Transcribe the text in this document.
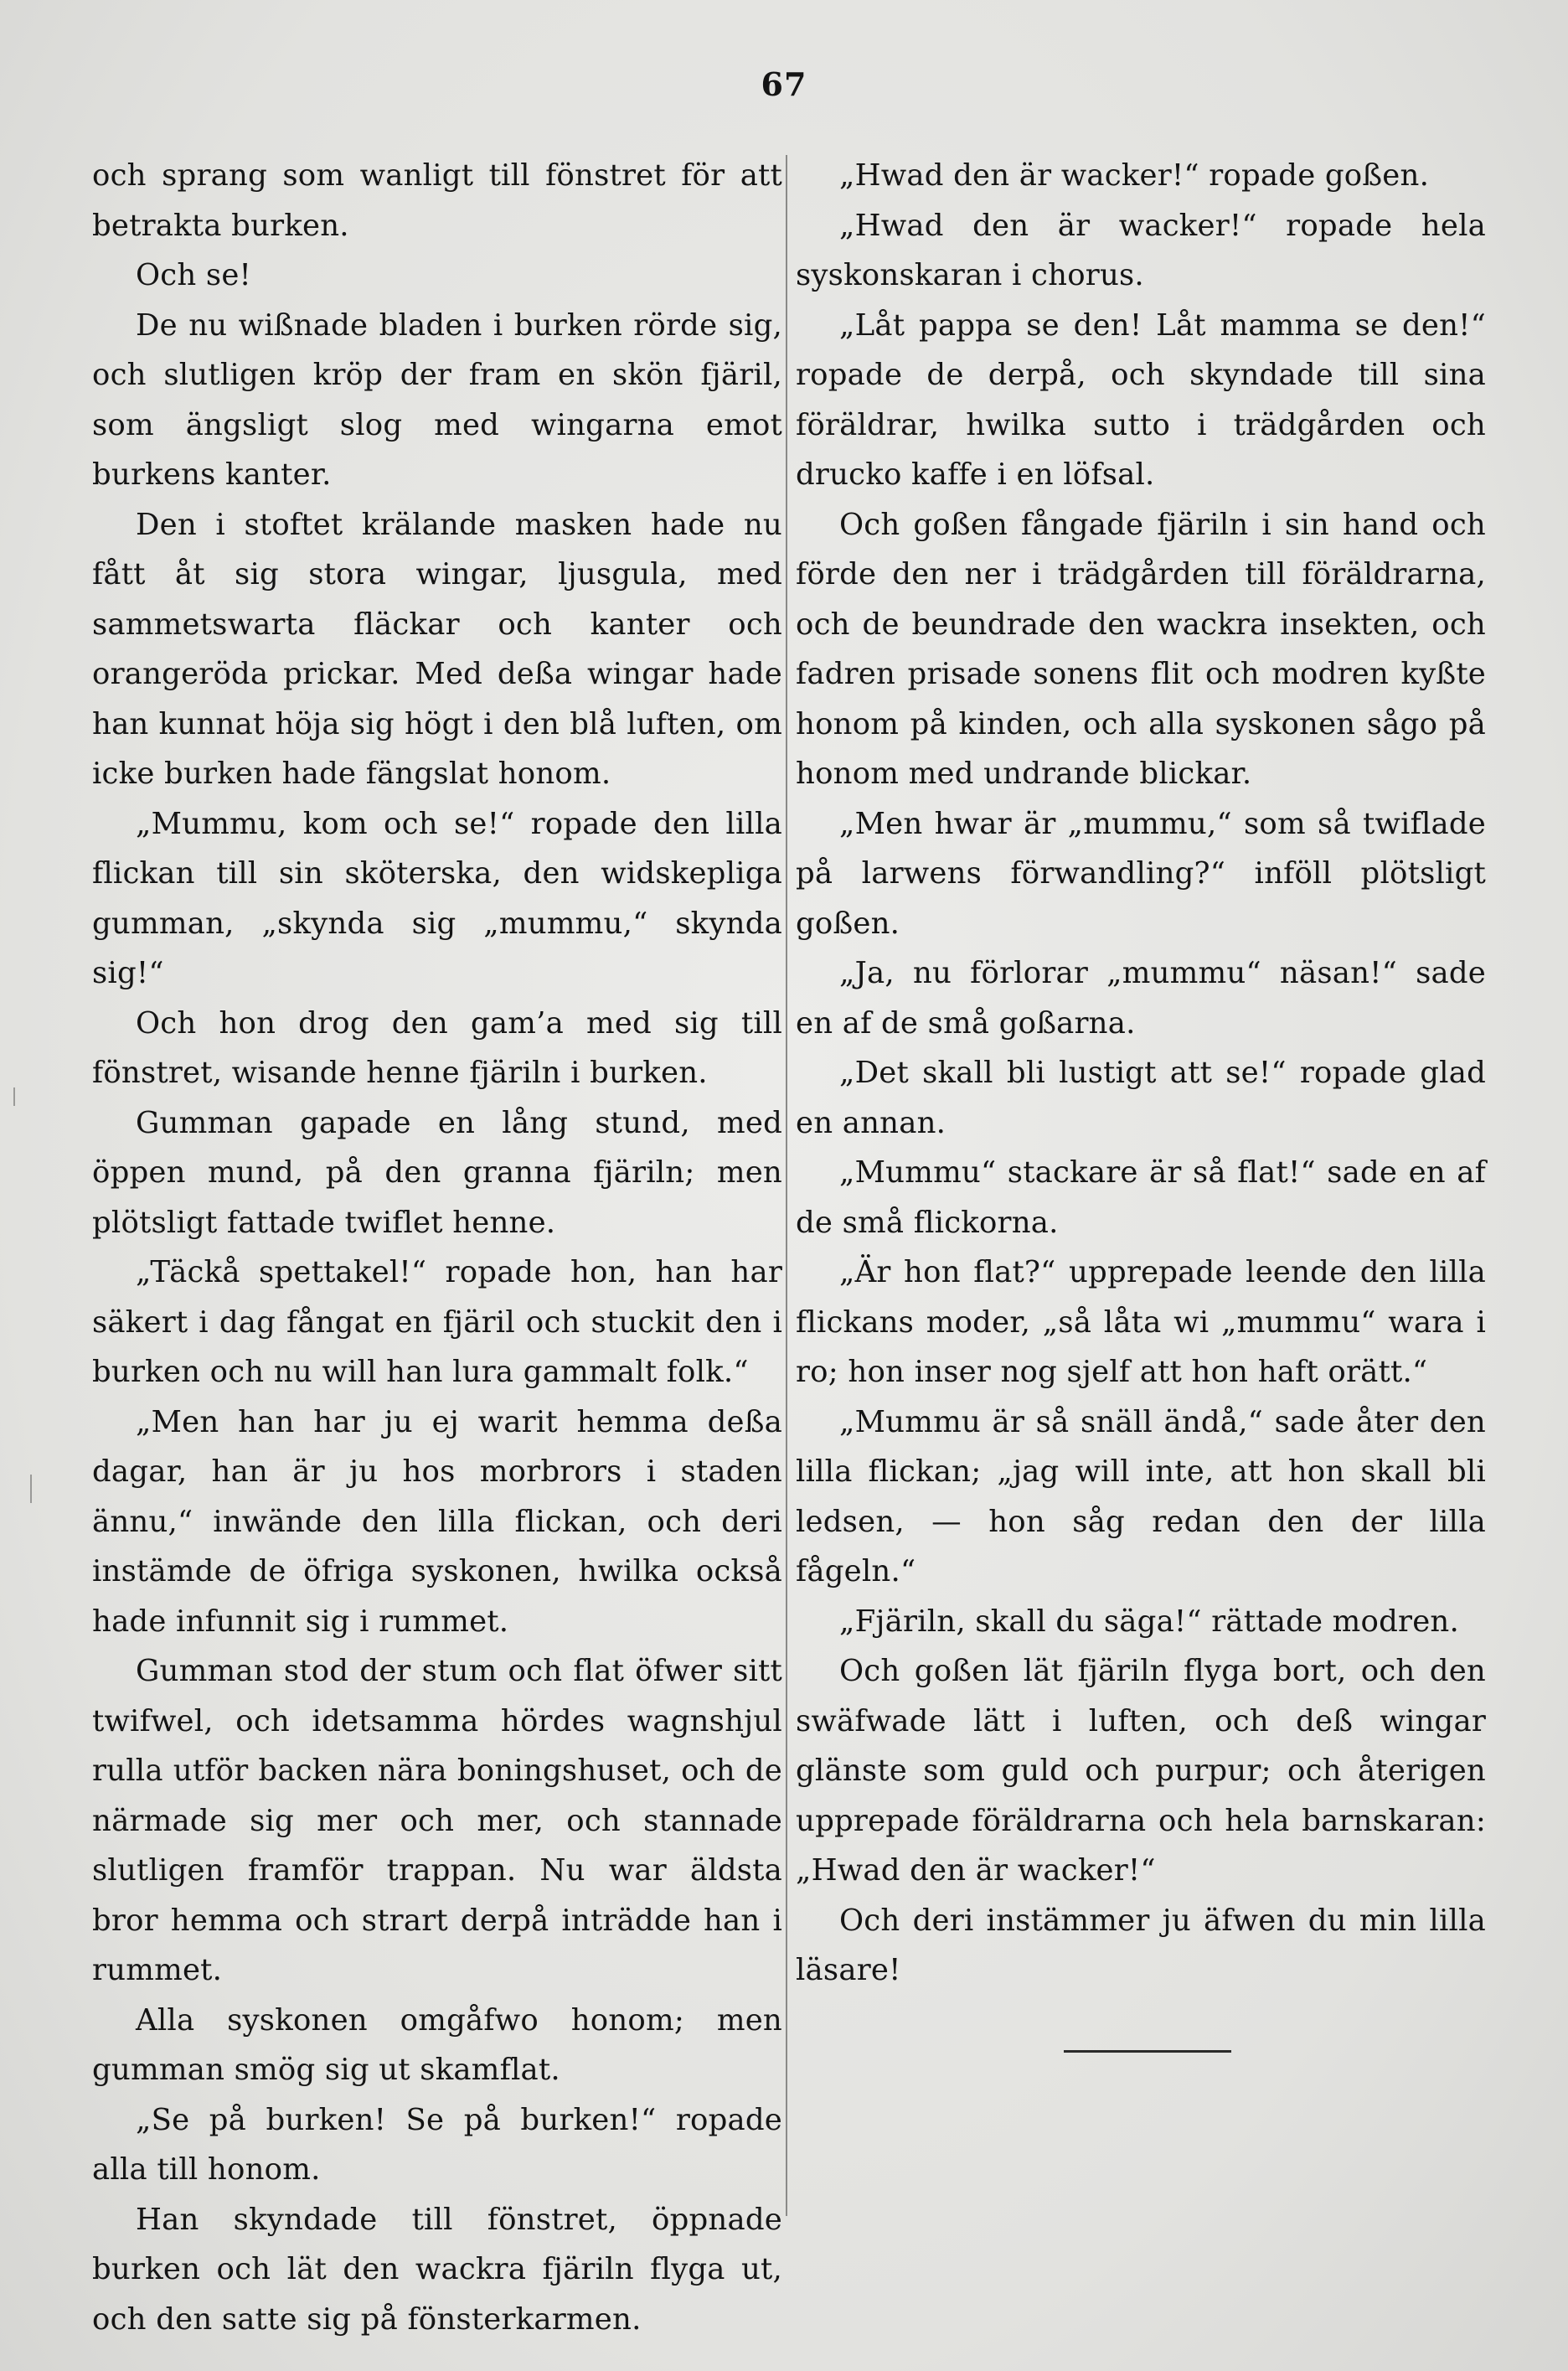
67

och sprang som wanligt till fönstret för att betrakta burken.

Och se!

De nu wißnade bladen i burken rörde sig, och slutligen kröp der fram en skön fjäril, som ängsligt slog med wingarna emot burkens kanter.

Den i stoftet krälande masken hade nu fått åt sig stora wingar, ljusgula, med sammetswarta fläckar och kanter och orangeröda prickar. Med deßa wingar hade han kunnat höja sig högt i den blå luften, om icke burken hade fängslat honom.

„Mummu, kom och se!“ ropade den lilla flickan till sin sköterska, den widskepliga gumman, „skynda sig „mummu,“ skynda sig!“

Och hon drog den gam’a med sig till fönstret, wisande henne fjäriln i burken.

Gumman gapade en lång stund, med öppen mund, på den granna fjäriln; men plötsligt fattade twiflet henne.

„Täckå spettakel!“ ropade hon, han har säkert i dag fångat en fjäril och stuckit den i burken och nu will han lura gammalt folk.“

„Men han har ju ej warit hemma deßa dagar, han är ju hos morbrors i staden ännu,“ inwände den lilla flickan, och deri instämde de öfriga syskonen, hwilka också hade infunnit sig i rummet.

Gumman stod der stum och flat öfwer sitt twifwel, och idetsamma hördes wagnshjul rulla utför backen nära boningshuset, och de närmade sig mer och mer, och stannade slutligen framför trappan. Nu war äldsta bror hemma och strart derpå inträdde han i rummet.

Alla syskonen omgåfwo honom; men gumman smög sig ut skamflat.

„Se på burken! Se på burken!“ ropade alla till honom.

Han skyndade till fönstret, öppnade burken och lät den wackra fjäriln flyga ut, och den satte sig på fönsterkarmen.

„Hwad den är wacker!“ ropade goßen.

„Hwad den är wacker!“ ropade hela syskonskaran i chorus.

„Låt pappa se den! Låt mamma se den!“ ropade de derpå, och skyndade till sina föräldrar, hwilka sutto i trädgården och drucko kaffe i en löfsal.

Och goßen fångade fjäriln i sin hand och förde den ner i trädgården till föräldrarna, och de beundrade den wackra insekten, och fadren prisade sonens flit och modren kyßte honom på kinden, och alla syskonen sågo på honom med undrande blickar.

„Men hwar är „mummu,“ som så twiflade på larwens förwandling?“ inföll plötsligt goßen.

„Ja, nu förlorar „mummu“ näsan!“ sade en af de små goßarna.

„Det skall bli lustigt att se!“ ropade glad en annan.

„Mummu“ stackare är så flat!“ sade en af de små flickorna.

„Är hon flat?“ upprepade leende den lilla flickans moder, „så låta wi „mummu“ wara i ro; hon inser nog sjelf att hon haft orätt.“

„Mummu är så snäll ändå,“ sade åter den lilla flickan; „jag will inte, att hon skall bli ledsen, — hon såg redan den der lilla fågeln.“

„Fjäriln, skall du säga!“ rättade modren.

Och goßen lät fjäriln flyga bort, och den swäfwade lätt i luften, och deß wingar glänste som guld och purpur; och återigen upprepade föräldrarna och hela barnskaran: „Hwad den är wacker!“

Och deri instämmer ju äfwen du min lilla läsare!
